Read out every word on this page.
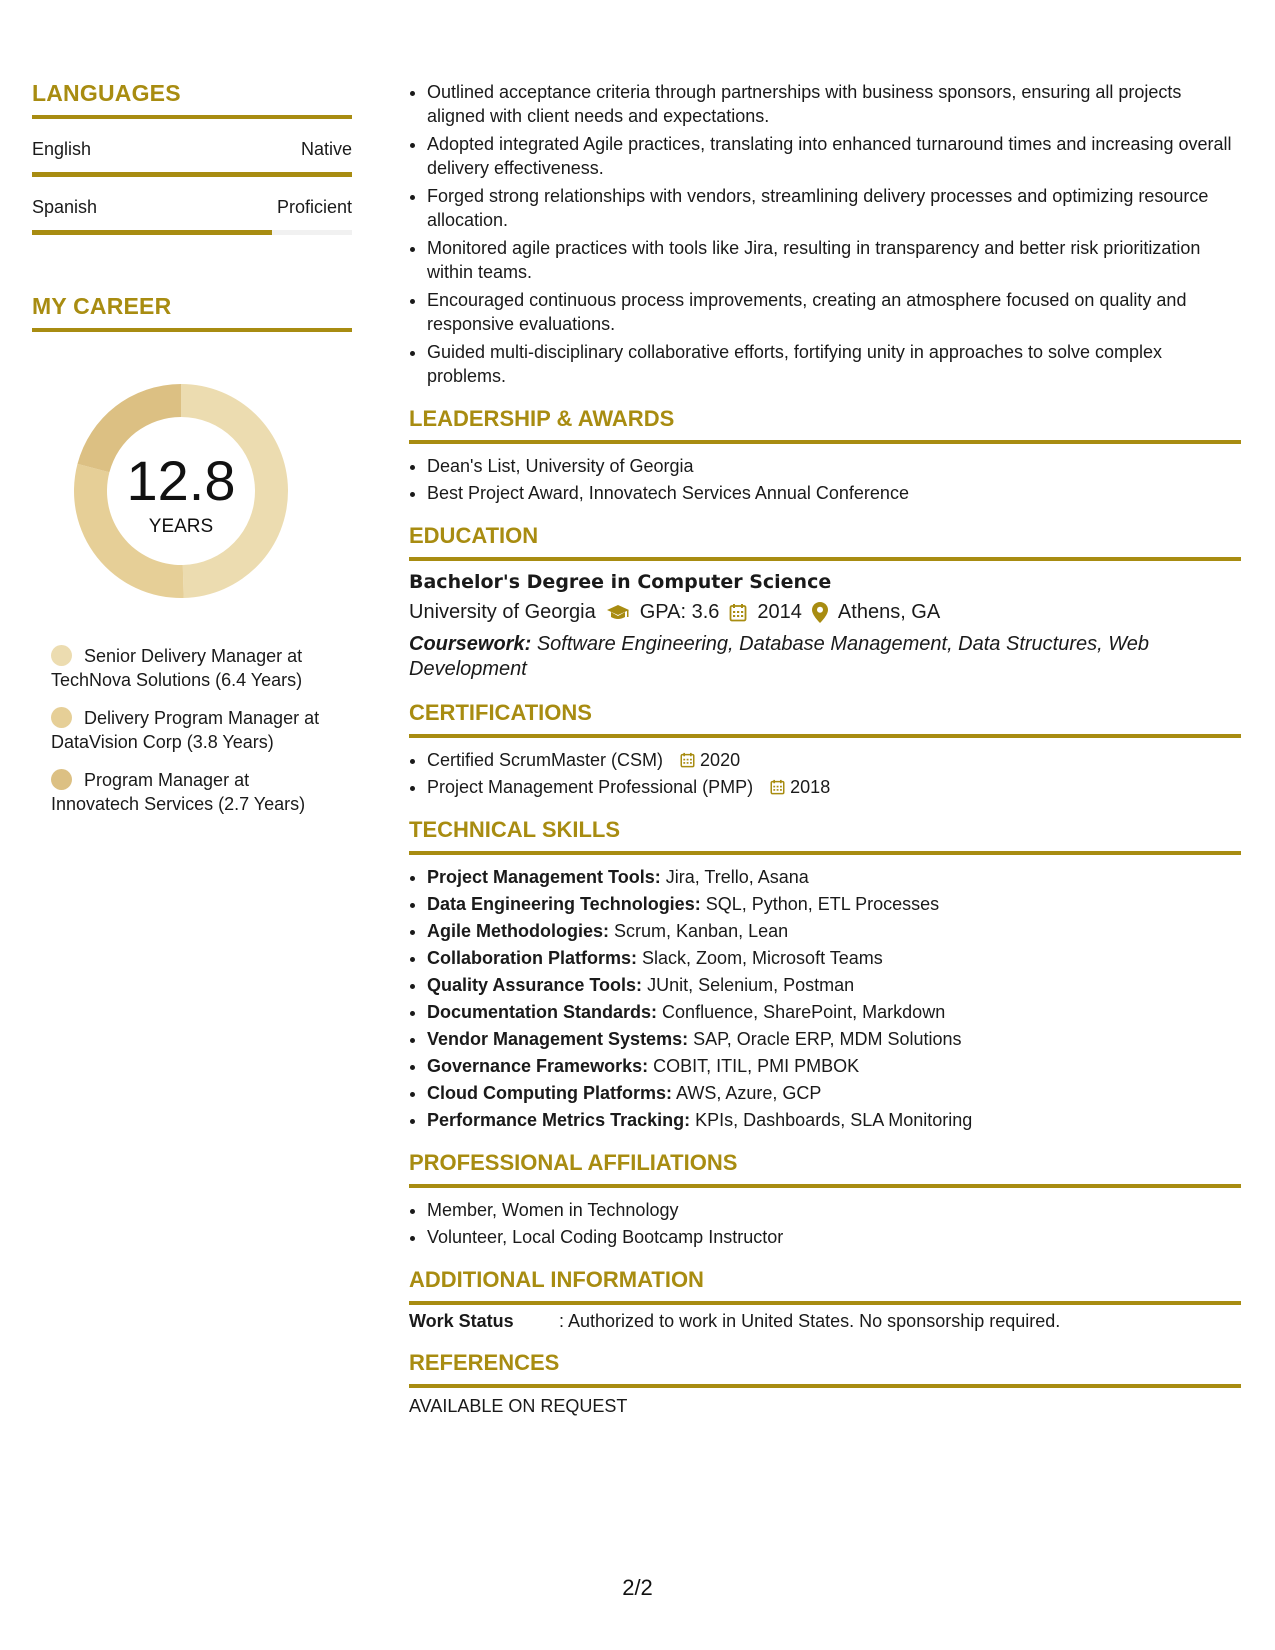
LANGUAGES
English	Native
Spanish	Proficient
MY CAREER
12.8
YEARS
Senior Delivery Manager at TechNova Solutions (6.4 Years)
Delivery Program Manager at DataVision Corp (3.8 Years)
Program Manager at Innovatech Services (2.7 Years)
• Outlined acceptance criteria through partnerships with business sponsors, ensuring all projects aligned with client needs and expectations.
• Adopted integrated Agile practices, translating into enhanced turnaround times and increasing overall delivery effectiveness.
• Forged strong relationships with vendors, streamlining delivery processes and optimizing resource allocation.
• Monitored agile practices with tools like Jira, resulting in transparency and better risk prioritization within teams.
• Encouraged continuous process improvements, creating an atmosphere focused on quality and responsive evaluations.
• Guided multi-disciplinary collaborative efforts, fortifying unity in approaches to solve complex problems.
LEADERSHIP & AWARDS
• Dean's List, University of Georgia
• Best Project Award, Innovatech Services Annual Conference
EDUCATION
Bachelor's Degree in Computer Science
University of Georgia GPA: 3.6 2014 Athens, GA
Coursework: Software Engineering, Database Management, Data Structures, Web Development
CERTIFICATIONS
• Certified ScrumMaster (CSM) 2020
• Project Management Professional (PMP) 2018
TECHNICAL SKILLS
• Project Management Tools: Jira, Trello, Asana
• Data Engineering Technologies: SQL, Python, ETL Processes
• Agile Methodologies: Scrum, Kanban, Lean
• Collaboration Platforms: Slack, Zoom, Microsoft Teams
• Quality Assurance Tools: JUnit, Selenium, Postman
• Documentation Standards: Confluence, SharePoint, Markdown
• Vendor Management Systems: SAP, Oracle ERP, MDM Solutions
• Governance Frameworks: COBIT, ITIL, PMI PMBOK
• Cloud Computing Platforms: AWS, Azure, GCP
• Performance Metrics Tracking: KPIs, Dashboards, SLA Monitoring
PROFESSIONAL AFFILIATIONS
• Member, Women in Technology
• Volunteer, Local Coding Bootcamp Instructor
ADDITIONAL INFORMATION
Work Status	: Authorized to work in United States. No sponsorship required.
REFERENCES
AVAILABLE ON REQUEST
2/2
